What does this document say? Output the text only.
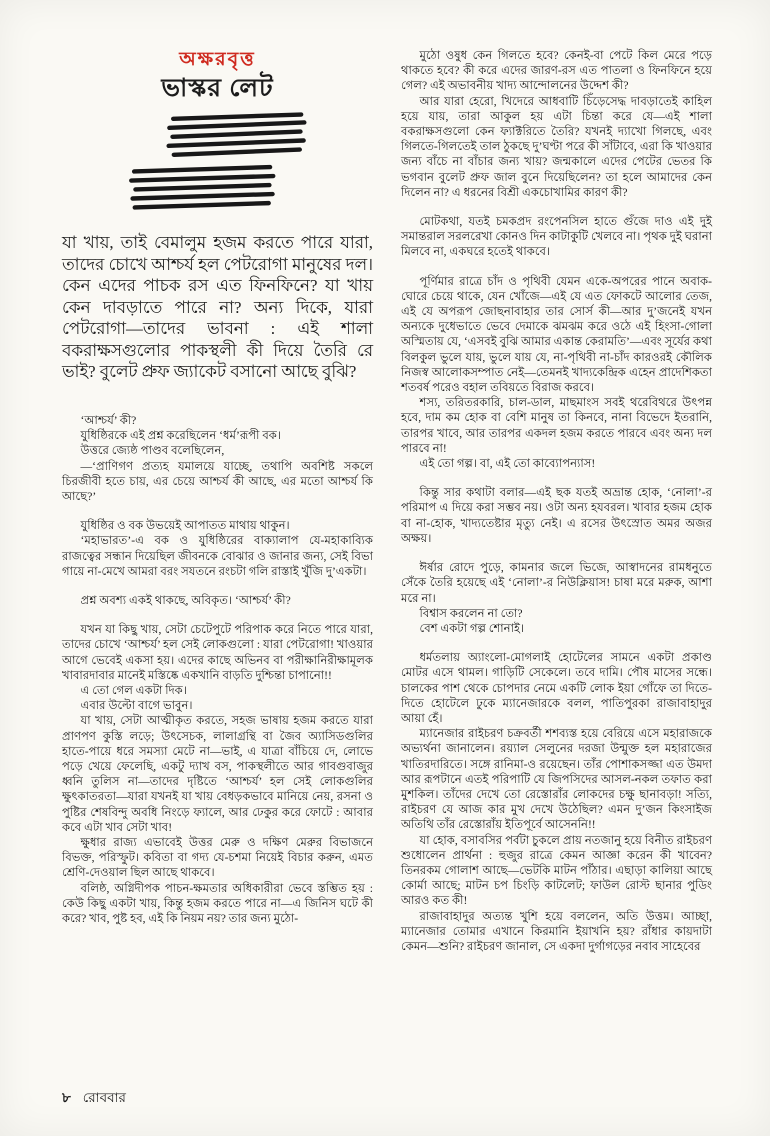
অক্ষরবৃত্ত
ভাস্কর লেট

যা খায়, তাই বেমালুম হজম করতে পারে যারা, তাদের চোখে আশ্চর্য হল পেটরোগা মানুষের দল। কেন এদের পাচক রস এত ফিনফিনে? যা খায় কেন দাবড়াতে পারে না? অন্য দিকে, যারা পেটরোগা—তাদের ভাবনা : এই শালা বকরাক্ষসগুলোর পাকস্থলী কী দিয়ে তৈরি রে ভাই? বুলেট প্রুফ জ্যাকেট বসানো আছে বুঝি?

‘আশ্চর্য’ কী?

যুধিষ্ঠিরকে এই প্রশ্ন করেছিলেন ‘ধর্ম’রূপী বক।

উত্তরে জ্যেষ্ঠ পাণ্ডব বলেছিলেন,

—‘প্রাণিগণ প্রত্যহ যমালয়ে যাচ্ছে, তথাপি অবশিষ্ট সকলে চিরজীবী হতে চায়, এর চেয়ে আশ্চর্য কী আছে, এর মতো আশ্চর্য কি আছে?’

যুধিষ্ঠির ও বক উভয়েই আপাতত মাথায় থাকুন।

‘মহাভারত’-এ বক ও যুধিষ্ঠিরের বাক্যালাপ যে-মহাকাব্যিক রাজত্বের সন্ধান দিয়েছিল জীবনকে বোঝার ও জানার জন্য, সেই বিভা গায়ে না-মেখে আমরা বরং সযতনে রংচটা গলি রাস্তাই খুঁজি দু’একটা।

প্রশ্ন অবশ্য একই থাকছে, অবিকৃত। ‘আশ্চর্য’ কী?

যখন যা কিছু খায়, সেটা চেটেপুটে পরিপাক করে নিতে পারে যারা, তাদের চোখে ‘আশ্চর্য’ হল সেই লোকগুলো : যারা পেটরোগা! খাওয়ার আগে ভেবেই একসা হয়। এদের কাছে অভিনব বা পরীক্ষানিরীক্ষামূলক খাবারদাবার মানেই মস্তিষ্কে একখানি বাড়তি দুশ্চিন্তা চাপানো!!

এ তো গেল একটা দিক।

এবার উল্টো বাগে ভাবুন।

যা খায়, সেটা আত্মীকৃত করতে, সহজ ভাষায় হজম করতে যারা প্রাণপণ কুস্তি লড়ে; উৎসেচক, লালাগ্রন্থি বা জৈব অ্যাসিডগুলির হাতে-পায়ে ধরে সমস্যা মেটে না—ভাই, এ যাত্রা বাঁচিয়ে দে, লোভে পড়ে খেয়ে ফেলেছি, একটু দ্যাখ বস, পাকস্থলীতে আর গাবগুবাজুর ধ্বনি তুলিস না—তাদের দৃষ্টিতে ‘আশ্চর্য’ হল সেই লোকগুলির ক্ষুৎকাতরতা—যারা যখনই যা খায় বেধড়কভাবে মানিয়ে নেয়, রসনা ও পুষ্টির শেষবিন্দু অবধি নিংড়ে ফ্যালে, আর ঢেকুর করে ফোটে : আবার কবে এটা খাব সেটা খাব!

ক্ষুধার রাজ্য এভাবেই উত্তর মেরু ও দক্ষিণ মেরুর বিভাজনে বিভক্ত, পরিস্ফুট। কবিতা বা গদ্য যে-চশমা নিয়েই বিচার করুন, এমত শ্রেণি-দেওয়াল ছিল আছে থাকবে।

বলিষ্ঠ, অগ্নিদীপক পাচন-ক্ষমতার অধিকারীরা ভেবে স্তম্ভিত হয় : কেউ কিছু একটা খায়, কিন্তু হজম করতে পারে না—এ জিনিস ঘটে কী করে? খাব, পুষ্ট হব, এই কি নিয়ম নয়? তার জন্য মুঠো-

মুঠো ওষুধ কেন গিলতে হবে? কেনই-বা পেটে কিল মেরে পড়ে থাকতে হবে? কী করে এদের জারণ-রস এত পাতলা ও ফিনফিনে হয়ে গেল? এই অভাবনীয় খাদ্য আন্দোলনের উদ্দেশ কী?

আর যারা হেরো, খিদেরে আধবাটি চিঁড়েসেদ্ধ দাবড়াতেই কাহিল হয়ে যায়, তারা আকুল হয় এটা চিন্তা করে যে—এই শালা বকরাক্ষসগুলো কেন ফ্যাক্টরিতে তৈরি? যখনই দ্যাখো গিলছে, এবং গিলতে-গিলতেই তাল ঠুকছে দু’ঘণ্টা পরে কী সাঁটাবে, এরা কি খাওয়ার জন্য বাঁচে না বাঁচার জন্য খায়? জন্মকালে এদের পেটের ভেতর কি ভগবান বুলেট প্রুফ জাল বুনে দিয়েছিলেন? তা হলে আমাদের কেন দিলেন না? এ ধরনের বিশ্রী একচোখামির কারণ কী?

মোটকথা, যতই চমকপ্রদ রংপেনসিল হাতে গুঁজে দাও এই দুই সমান্তরাল সরলরেখা কোনও দিন কাটাকুটি খেলবে না। পৃথক দুই ঘরানা মিলবে না, একঘরে হতেই থাকবে।

পূর্ণিমার রাত্রে চাঁদ ও পৃথিবী যেমন একে-অপরের পানে অবাক-ঘোরে চেয়ে থাকে, যেন খোঁজে—এই যে এত ফোকটে আলোর তেজ, এই যে অপরূপ জোছনাবাহার তার সোর্স কী—আর দু’জনেই যখন অন্যকে দুধেভাতে ভেবে দেমাকে ঝমঝম করে ওঠে এই হিংসা-গোলা অস্মিতায় যে, ‘এসবই বুঝি আমার একান্ত কেরামতি’—এবং সূর্যের কথা বিলকুল ভুলে যায়, ভুলে যায় যে, না-পৃথিবী না-চাঁদ কারওরই কৌলিক নিজস্ব আলোকসম্পাত নেই—তেমনই খাদ্যকেন্দ্রিক এহেন প্রাদেশিকতা শতবর্ষ পরেও বহাল তবিয়তে বিরাজ করবে।

শস্য, তরিতরকারি, চাল-ডাল, মাছমাংস সবই থরেবিথরে উৎপন্ন হবে, দাম কম হোক বা বেশি মানুষ তা কিনবে, নানা বিভেদে ইতরানি, তারপর খাবে, আর তারপর একদল হজম করতে পারবে এবং অন্য দল পারবে না!

এই তো গল্প। বা, এই তো কাব্যোপন্যাস!

কিন্তু সার কথাটা বলার—এই ছক যতই অভ্রান্ত হোক, ‘নোলা’-র পরিমাপ এ দিয়ে করা সম্ভব নয়। ওটা অন্য হযবরল। খাবার হজম হোক বা না-হোক, খাদ্যতেষ্টার মৃত্যু নেই। এ রসের উৎস্রোত অমর অজর অক্ষয়।

ঈর্ষার রোদে পুড়ে, কামনার জলে ভিজে, আস্বাদনের রামধনুতে সেঁকে তৈরি হয়েছে এই ‘নোলা’-র নিউক্লিয়াস! চাষা মরে মরুক, আশা মরে না।

বিশ্বাস করলেন না তো?

বেশ একটা গল্প শোনাই।

ধর্মতলায় অ্যাংলো-মোগলাই হোটেলের সামনে একটা প্রকাণ্ড মোটর এসে থামল। গাড়িটি সেকেলে। তবে দামি। পৌষ মাসের সন্ধে। চালকের পাশ থেকে চোপদার নেমে একটি লোক ইয়া গোঁফে তা দিতে-দিতে হোটেলে ঢুকে ম্যানেজারকে বলল, পাতিপুরকা রাজাবাহাদুর আয়া হেঁ।

ম্যানেজার রাইচরণ চক্রবর্তী শশব্যস্ত হয়ে বেরিয়ে এসে মহারাজকে অভ্যর্থনা জানালেন। রয়্যাল সেলুনের দরজা উন্মুক্ত হল মহারাজের খাতিরদারিতে। সঙ্গে রানিমা-ও রয়েছেন। তাঁর পোশাকসজ্জা এত উমদা আর রূপটানে এতই পরিপাটি যে জিপসিদের আসল-নকল তফাত করা মুশকিল। তাঁদের দেখে তো রেস্তোরাঁর লোকদের চক্ষু ছানাবড়া! সত্যি, রাইচরণ যে আজ কার মুখ দেখে উঠেছিল? এমন দু’জন কিংসাইজ অতিথি তাঁর রেস্তোরাঁয় ইতিপূর্বে আসেননি!!

যা হোক, বসাবসির পর্বটা চুকলে প্রায় নতজানু হয়ে বিনীত রাইচরণ শুধোলেন প্রার্থনা : হুজুর রাত্রে কেমন আজ্ঞা করেন কী খাবেন? তিনরকম গোলাশ আছে—ভেটকি মাটন পাঁঠার। এছাড়া কালিয়া আছে কোর্মা আছে; মাটন চপ চিংড়ি কাটলেট; ফাউল রোস্ট ছানার পুডিং আরও কত কী!

রাজাবাহাদুর অত্যন্ত খুশি হয়ে বললেন, অতি উত্তম। আচ্ছা, ম্যানেজার তোমার এখানে কিরমানি ইয়াখনি হয়? রাঁধার কায়দাটা কেমন—শুনি? রাইচরণ জানাল, সে একদা দুর্গাগড়ের নবাব সাহেবের

৮ রোববার
